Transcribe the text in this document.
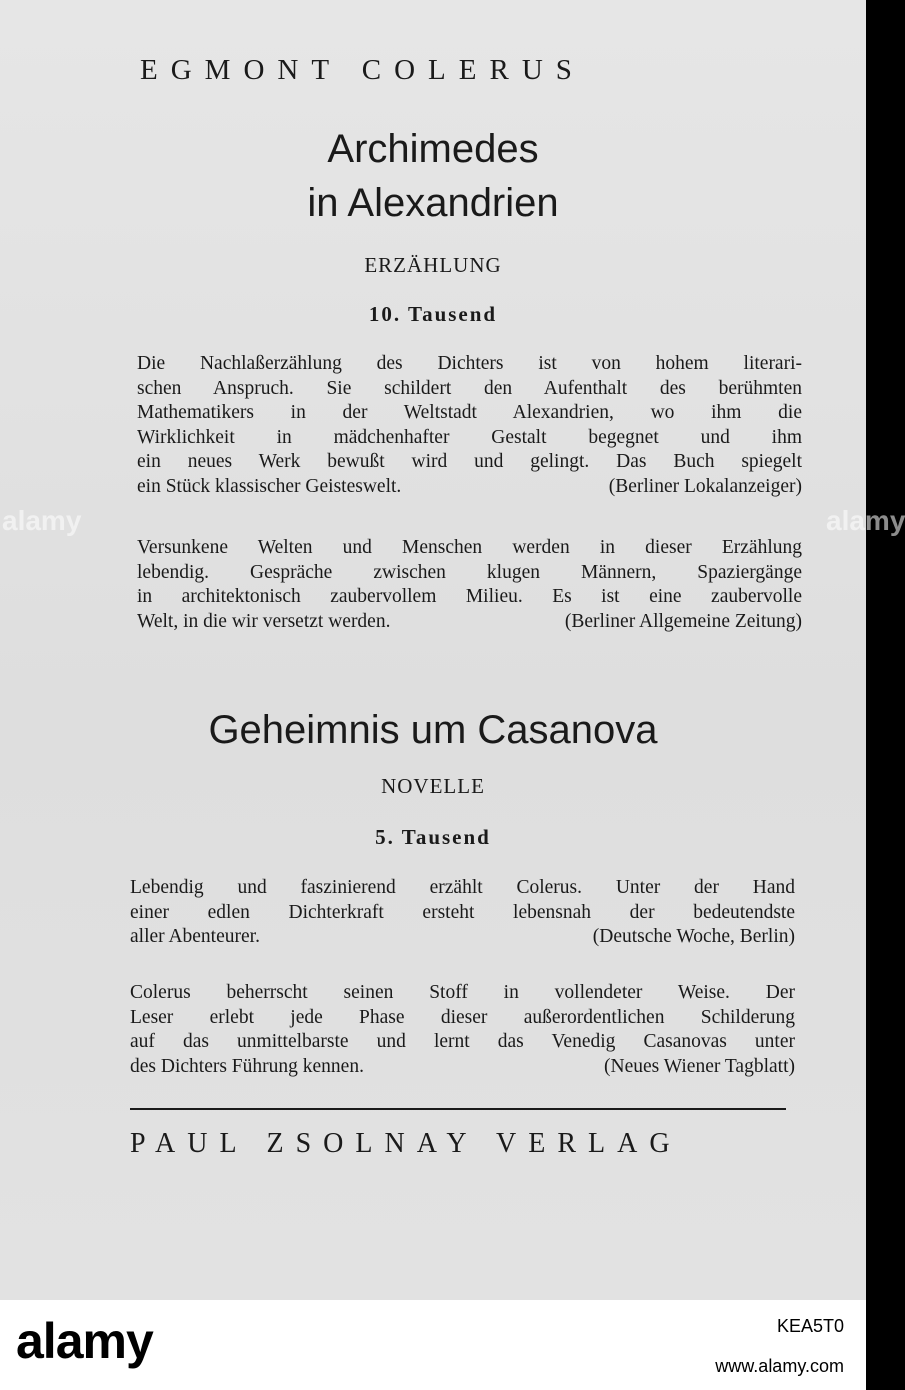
alamy	alamy
EGMONT COLERUS
Archimedes
in Alexandrien
ERZÄHLUNG
10. Tausend
Die Nachlaßerzählung des Dichters ist von hohem literari-
schen Anspruch. Sie schildert den Aufenthalt des berühmten
Mathematikers in der Weltstadt Alexandrien, wo ihm die
Wirklichkeit in mädchenhafter Gestalt begegnet und ihm
ein neues Werk bewußt wird und gelingt. Das Buch spiegelt
ein Stück klassischer Geisteswelt.	(Berliner Lokalanzeiger)
Versunkene Welten und Menschen werden in dieser Erzählung
lebendig. Gespräche zwischen klugen Männern, Spaziergänge
in architektonisch zaubervollem Milieu. Es ist eine zaubervolle
Welt, in die wir versetzt werden.	(Berliner Allgemeine Zeitung)
Geheimnis um Casanova
NOVELLE
5. Tausend
Lebendig und faszinierend erzählt Colerus. Unter der Hand
einer edlen Dichterkraft ersteht lebensnah der bedeutendste
aller Abenteurer.	(Deutsche Woche, Berlin)
Colerus beherrscht seinen Stoff in vollendeter Weise. Der
Leser erlebt jede Phase dieser außerordentlichen Schilderung
auf das unmittelbarste und lernt das Venedig Casanovas unter
des Dichters Führung kennen.	(Neues Wiener Tagblatt)
PAUL ZSOLNAY VERLAG
alamy	KEA5T0
www.alamy.com
